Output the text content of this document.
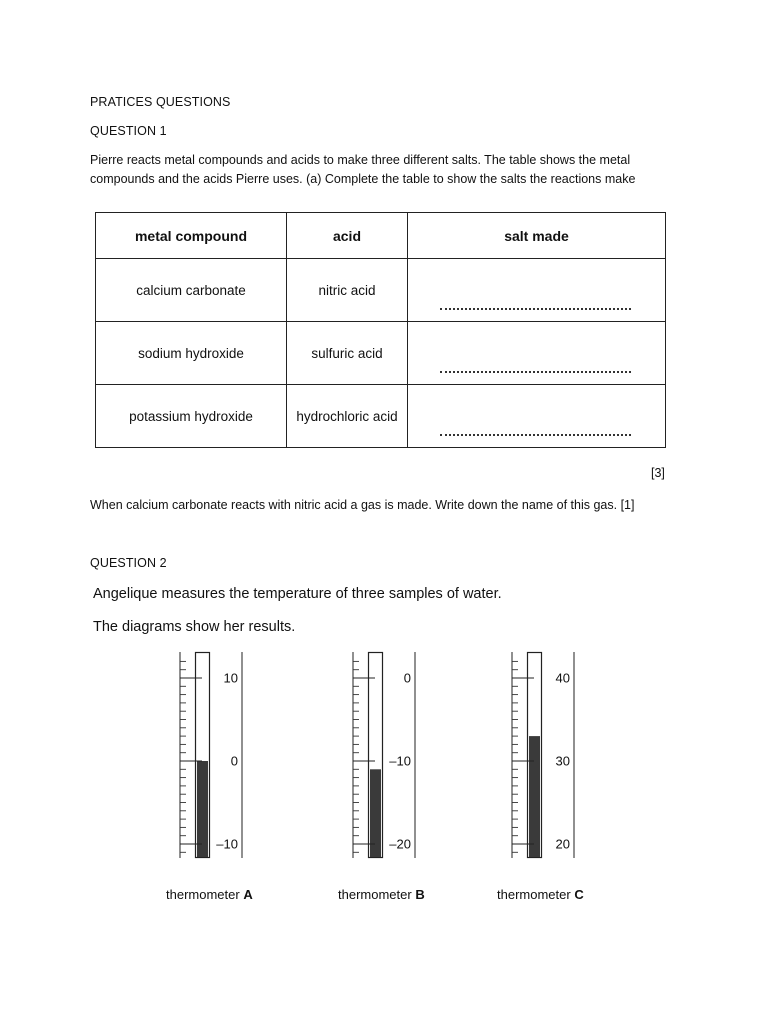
PRATICES QUESTIONS

QUESTION 1

Pierre reacts metal compounds and acids to make three different salts. The table shows the metal compounds and the acids Pierre uses. (a) Complete the table to show the salts the reactions make

metal compound	acid	salt made
calcium carbonate	nitric acid	

sodium hydroxide	sulfuric acid	

potassium hydroxide	hydrochloric acid	
[3]

When calcium carbonate reacts with nitric acid a gas is made. Write down the name of this gas. [1]

QUESTION 2

Angelique measures the temperature of three samples of water.
The diagrams show her results.
10
0
–10
0
–10
–20
40
30
20
thermometer A	thermometer B	thermometer C
